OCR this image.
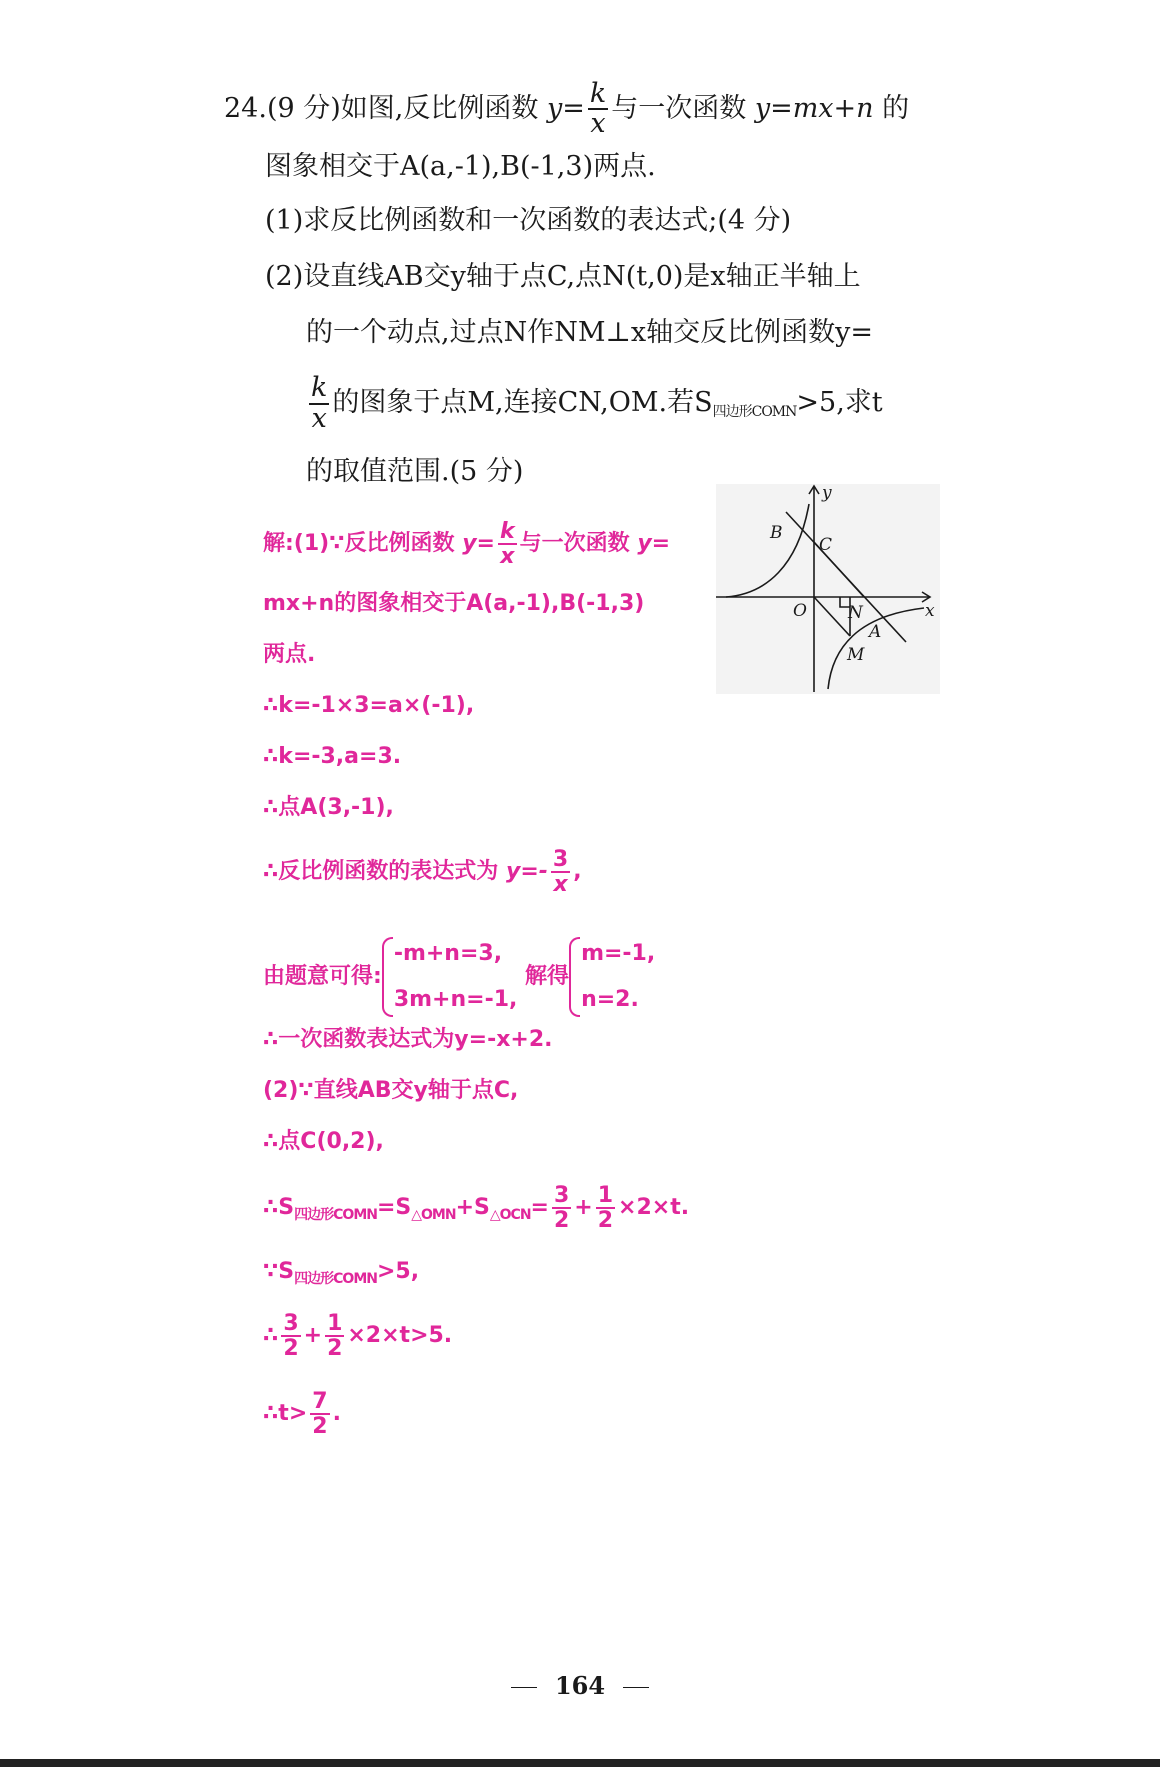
24.(9 分)如图,反比例函数 $y= \frac{k}{x}$ 与一次函数 y=mx+n 的
图象相交于A(a,-1),B(-1,3)两点.
(1)求反比例函数和一次函数的表达式;(4 分)
(2)设直线AB交y轴于点C,点N(t,0)是x轴正半轴上
的一个动点,过点N作NM⊥x轴交反比例函数y=
$\frac{k}{x}$ 的图象于点M,连接CN,OM.若$S_{四边形COMN}>5$,求t
的取值范围.(5 分)
y
x
B
C
O N
A
M
解:(1)∵反比例函数 $y= \frac{k}{x}$ 与一次函数 y=
mx+n的图象相交于A(a,-1),B(-1,3)
两点.
∴k=-1×3=a×(-1),
∴k=-3,a=3.
∴点A(3,-1),
∴反比例函数的表达式为 $y=- \frac{3}{x}$ ,
由题意可得:
-m+n=3,
3m+n=-1,
解得
m=-1,
n=2.
∴一次函数表达式为y=-x+2.
(2)∵直线AB交y轴于点C,
∴点C(0,2),
$\therefore S_{四边形COMN}=S_{\triangle OMN}+S_{\triangle OCN}= \frac{3}{2} + \frac{1}{2} \times 2\times t$.
$\because S_{四边形COMN}>5$,
∴ $\frac{3}{2} + \frac{1}{2} \times 2\times t>5$.
∴t> $\frac{7}{2}$ .
164
